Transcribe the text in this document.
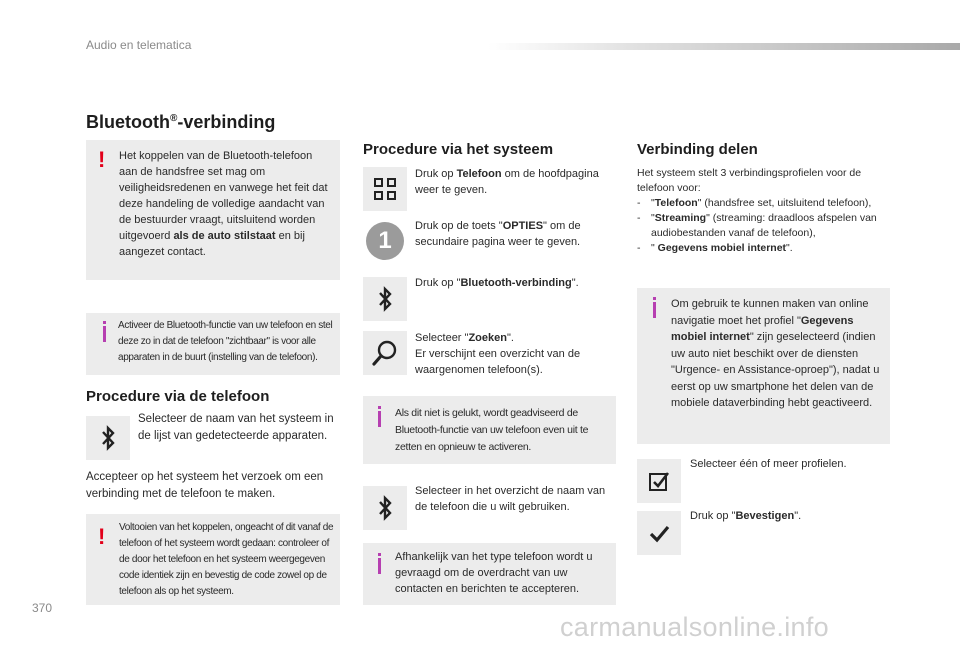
Audio en telematica
Bluetooth®-verbinding
! Het koppelen van de Bluetooth-telefoon aan de handsfree set mag om veiligheidsredenen en vanwege het feit dat deze handeling de volledige aandacht van de bestuurder vraagt, uitsluitend worden uitgevoerd als de auto stilstaat en bij aangezet contact.
Activeer de Bluetooth-functie van uw telefoon en stel deze zo in dat de telefoon "zichtbaar" is voor alle apparaten in de buurt (instelling van de telefoon).
Procedure via de telefoon
Selecteer de naam van het systeem in de lijst van gedetecteerde apparaten.
Accepteer op het systeem het verzoek om een verbinding met de telefoon te maken.
! Voltooien van het koppelen, ongeacht of dit vanaf de telefoon of het systeem wordt gedaan: controleer of de door het telefoon en het systeem weergegeven code identiek zijn en bevestig de code zowel op de telefoon als op het systeem.
Procedure via het systeem
Druk op Telefoon om de hoofdpagina weer te geven.
1
Druk op de toets "OPTIES" om de secundaire pagina weer te geven.
Druk op "Bluetooth-verbinding".
Selecteer "Zoeken".
Er verschijnt een overzicht van de waargenomen telefoon(s).
Als dit niet is gelukt, wordt geadviseerd de Bluetooth-functie van uw telefoon even uit te zetten en opnieuw te activeren.
Selecteer in het overzicht de naam van de telefoon die u wilt gebruiken.
Afhankelijk van het type telefoon wordt u gevraagd om de overdracht van uw contacten en berichten te accepteren.
Verbinding delen
Het systeem stelt 3 verbindingsprofielen voor de telefoon voor:
- "Telefoon" (handsfree set, uitsluitend telefoon),
- "Streaming" (streaming: draadloos afspelen van audiobestanden vanaf de telefoon),
- " Gegevens mobiel internet".
Om gebruik te kunnen maken van online navigatie moet het profiel "Gegevens mobiel internet" zijn geselecteerd (indien uw auto niet beschikt over de diensten "Urgence- en Assistance-oproep"), nadat u eerst op uw smartphone het delen van de mobiele dataverbinding hebt geactiveerd.
Selecteer één of meer profielen.
Druk op "Bevestigen".
370
carmanualsonline.info
